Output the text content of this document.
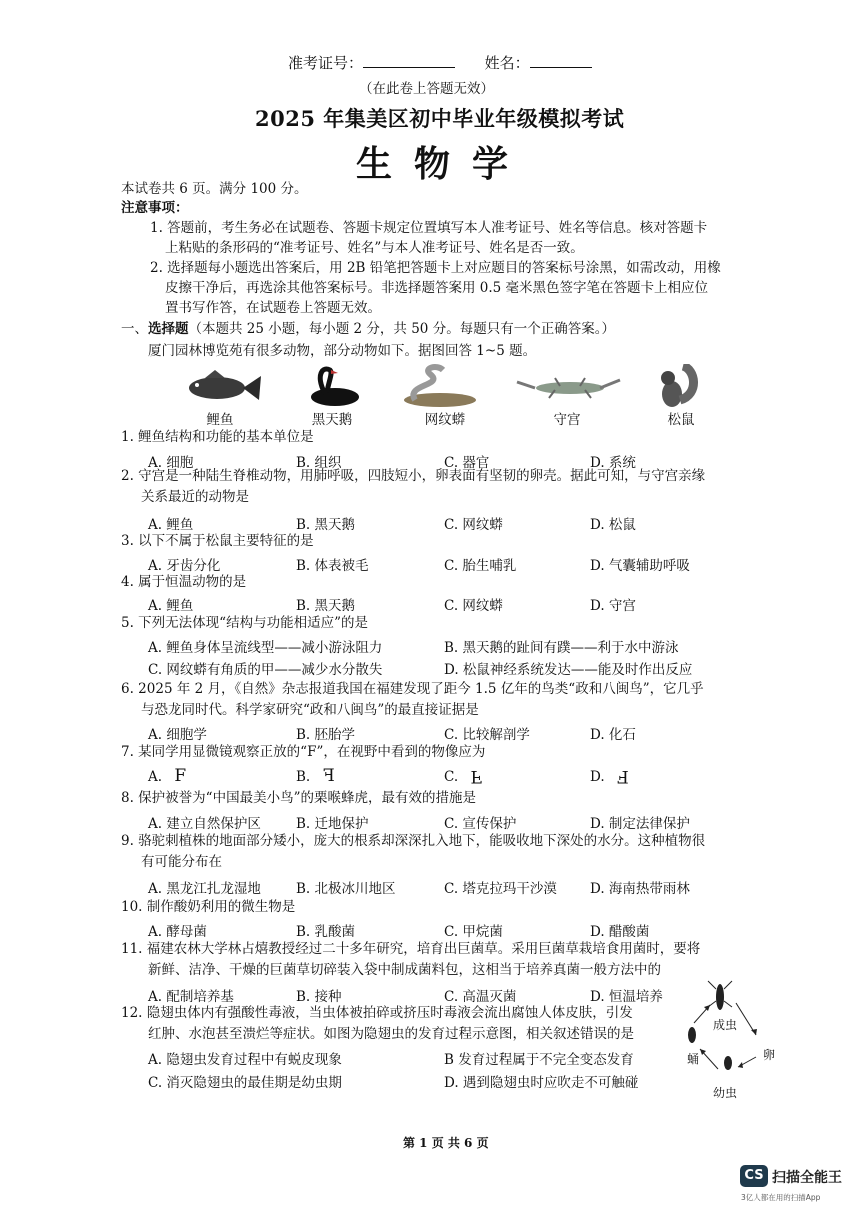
准考证号：	姓名：
（在此卷上答题无效）
2025 年集美区初中毕业年级模拟考试
生物学
本试卷共 6 页。满分 100 分。
注意事项：
1. 答题前，考生务必在试题卷、答题卡规定位置填写本人准考证号、姓名等信息。核对答题卡
上粘贴的条形码的“准考证号、姓名”与本人准考证号、姓名是否一致。
2. 选择题每小题选出答案后，用 2B 铅笔把答题卡上对应题目的答案标号涂黑，如需改动，用橡
皮擦干净后，再选涂其他答案标号。非选择题答案用 0.5 毫米黑色签字笔在答题卡上相应位
置书写作答，在试题卷上答题无效。
一、选择题（本题共 25 小题，每小题 2 分，共 50 分。每题只有一个正确答案。）
厦门园林博览苑有很多动物，部分动物如下。据图回答 1~5 题。
鲤鱼	黑天鹅	网纹蟒	守宫	松鼠
1. 鲤鱼结构和功能的基本单位是
A. 细胞	B. 组织	C. 器官	D. 系统
2. 守宫是一种陆生脊椎动物，用肺呼吸，四肢短小，卵表面有坚韧的卵壳。据此可知，与守宫亲缘
关系最近的动物是
A. 鲤鱼	B. 黑天鹅	C. 网纹蟒	D. 松鼠
3. 以下不属于松鼠主要特征的是
A. 牙齿分化	B. 体表被毛	C. 胎生哺乳	D. 气囊辅助呼吸
4. 属于恒温动物的是
A. 鲤鱼	B. 黑天鹅	C. 网纹蟒	D. 守宫
5. 下列无法体现“结构与功能相适应”的是
A. 鲤鱼身体呈流线型——减小游泳阻力	B. 黑天鹅的趾间有蹼——利于水中游泳
C. 网纹蟒有角质的甲——减少水分散失	D. 松鼠神经系统发达——能及时作出反应
6. 2025 年 2 月，《自然》杂志报道我国在福建发现了距今 1.5 亿年的鸟类“政和八闽鸟”，它几乎
与恐龙同时代。科学家研究“政和八闽鸟”的最直接证据是
A. 细胞学	B. 胚胎学	C. 比较解剖学	D. 化石
7. 某同学用显微镜观察正放的“F”，在视野中看到的物像应为
A. F	B. F	C. F	D. F
8. 保护被誉为“中国最美小鸟”的栗喉蜂虎，最有效的措施是
A. 建立自然保护区	B. 迁地保护	C. 宣传保护	D. 制定法律保护
9. 骆驼刺植株的地面部分矮小，庞大的根系却深深扎入地下，能吸收地下深处的水分。这种植物很
有可能分布在
A. 黑龙江扎龙湿地	B. 北极冰川地区	C. 塔克拉玛干沙漠 D. 海南热带雨林
10. 制作酸奶利用的微生物是
A. 酵母菌	B. 乳酸菌	C. 甲烷菌	D. 醋酸菌
11. 福建农林大学林占熺教授经过二十多年研究，培育出巨菌草。采用巨菌草栽培食用菌时，要将
新鲜、洁净、干燥的巨菌草切碎装入袋中制成菌料包，这相当于培养真菌一般方法中的
A. 配制培养基	B. 接种	C. 高温灭菌	D. 恒温培养
12. 隐翅虫体内有强酸性毒液，当虫体被拍碎或挤压时毒液会流出腐蚀人体皮肤，引发
红肿、水泡甚至溃烂等症状。如图为隐翅虫的发育过程示意图，相关叙述错误的是
A. 隐翅虫发育过程中有蜕皮现象	B 发育过程属于不完全变态发育
C. 消灭隐翅虫的最佳期是幼虫期	D. 遇到隐翅虫时应吹走不可触碰
成虫
卵
蛹
幼虫
第 1 页 共 6 页
CS 扫描全能王
3亿人都在用的扫描App
